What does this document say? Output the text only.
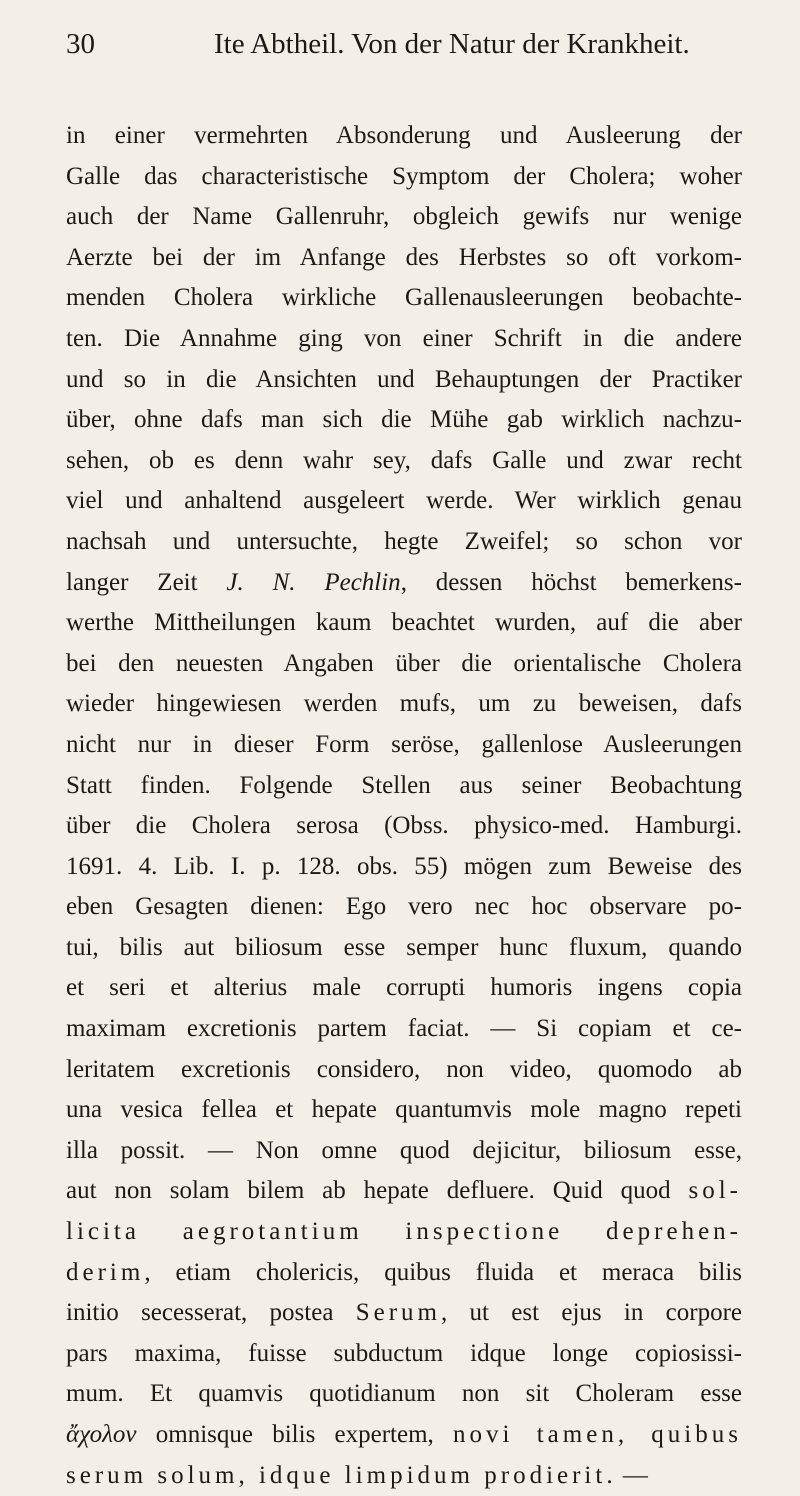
30	Ite Abtheil. Von der Natur der Krankheit.
in einer vermehrten Absonderung und Ausleerung der
Galle das characteristische Symptom der Cholera; woher
auch der Name Gallenruhr, obgleich gewifs nur wenige
Aerzte bei der im Anfange des Herbstes so oft vorkom-
menden Cholera wirkliche Gallenausleerungen beobachte-
ten. Die Annahme ging von einer Schrift in die andere
und so in die Ansichten und Behauptungen der Practiker
über, ohne dafs man sich die Mühe gab wirklich nachzu-
sehen, ob es denn wahr sey, dafs Galle und zwar recht
viel und anhaltend ausgeleert werde. Wer wirklich genau
nachsah und untersuchte, hegte Zweifel; so schon vor
langer Zeit J. N. Pechlin, dessen höchst bemerkens-
werthe Mittheilungen kaum beachtet wurden, auf die aber
bei den neuesten Angaben über die orientalische Cholera
wieder hingewiesen werden mufs, um zu beweisen, dafs
nicht nur in dieser Form seröse, gallenlose Ausleerungen
Statt finden. Folgende Stellen aus seiner Beobachtung
über die Cholera serosa (Obss. physico-med. Hamburgi.
1691. 4. Lib. I. p. 128. obs. 55) mögen zum Beweise des
eben Gesagten dienen: Ego vero nec hoc observare po-
tui, bilis aut biliosum esse semper hunc fluxum, quando
et seri et alterius male corrupti humoris ingens copia
maximam excretionis partem faciat. — Si copiam et ce-
leritatem excretionis considero, non video, quomodo ab
una vesica fellea et hepate quantumvis mole magno repeti
illa possit. — Non omne quod dejicitur, biliosum esse,
aut non solam bilem ab hepate defluere. Quid quod sol-
licita aegrotantium inspectione deprehen-
derim, etiam cholericis, quibus fluida et meraca bilis
initio secesserat, postea Serum, ut est ejus in corpore
pars maxima, fuisse subductum idque longe copiosissi-
mum. Et quamvis quotidianum non sit Choleram esse
ἄχολον omnisque bilis expertem, novi tamen, quibus
serum solum, idque limpidum prodierit. —
